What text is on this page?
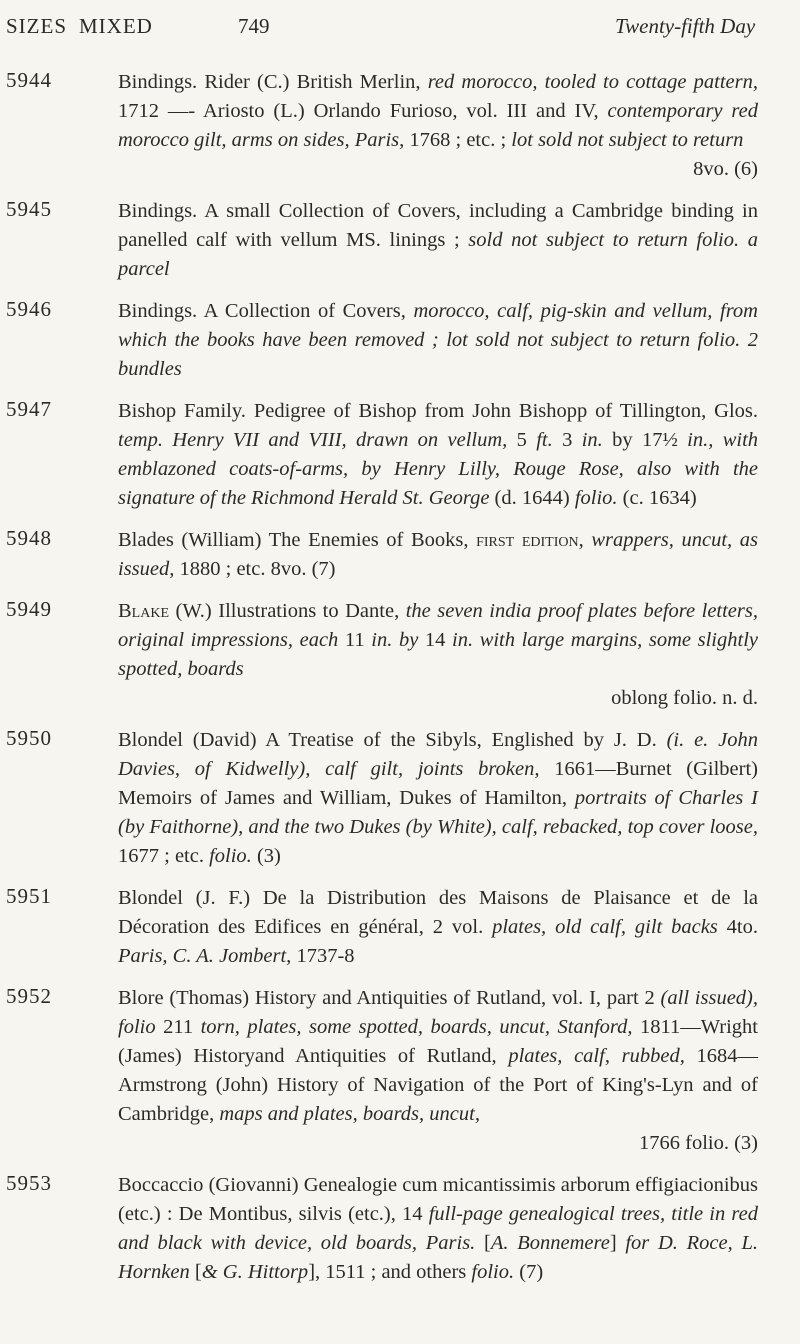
SIZES MIXED	749	Twenty-fifth Day
5944	Bindings. Rider (C.) British Merlin, red morocco, tooled to cottage pattern, 1712 —- Ariosto (L.) Orlando Furioso, vol. III and IV, contemporary red morocco gilt, arms on sides, Paris, 1768 ; etc. ; lot sold not subject to return
8vo. (6)
5945	Bindings. A small Collection of Covers, including a Cambridge binding in panelled calf with vellum MS. linings ; sold not subject to return folio. a parcel
5946	Bindings. A Collection of Covers, morocco, calf, pig-skin and vellum, from which the books have been removed ; lot sold not subject to return folio. 2 bundles
5947	Bishop Family. Pedigree of Bishop from John Bishopp of Tillington, Glos. temp. Henry VII and VIII, drawn on vellum, 5 ft. 3 in. by 17½ in., with emblazoned coats-of-arms, by Henry Lilly, Rouge Rose, also with the signature of the Richmond Herald St. George (d. 1644) folio. (c. 1634)
5948	Blades (William) The Enemies of Books, first edition, wrappers, uncut, as issued, 1880 ; etc. 8vo. (7)
5949	Blake (W.) Illustrations to Dante, the seven india proof plates before letters, original impressions, each 11 in. by 14 in. with large margins, some slightly spotted, boards
oblong folio. n. d.
5950	Blondel (David) A Treatise of the Sibyls, Englished by J. D. (i. e. John Davies, of Kidwelly), calf gilt, joints broken, 1661—Burnet (Gilbert) Memoirs of James and William, Dukes of Hamilton, portraits of Charles I (by Faithorne), and the two Dukes (by White), calf, rebacked, top cover loose, 1677 ; etc. folio. (3)
5951	Blondel (J. F.) De la Distribution des Maisons de Plaisance et de la Décoration des Edifices en général, 2 vol. plates, old calf, gilt backs 4to. Paris, C. A. Jombert, 1737-8
5952	Blore (Thomas) History and Antiquities of Rutland, vol. I, part 2 (all issued), folio 211 torn, plates, some spotted, boards, uncut, Stanford, 1811—Wright (James) Historyand Antiquities of Rutland, plates, calf, rubbed, 1684— Armstrong (John) History of Navigation of the Port of King's-Lyn and of Cambridge, maps and plates, boards, uncut,
1766 folio. (3)
5953	Boccaccio (Giovanni) Genealogie cum micantissimis arborum effigiacionibus (etc.) : De Montibus, silvis (etc.), 14 full-page genealogical trees, title in red and black with device, old boards, Paris. [A. Bonnemere] for D. Roce, L. Hornken [& G. Hittorp], 1511 ; and others folio. (7)
